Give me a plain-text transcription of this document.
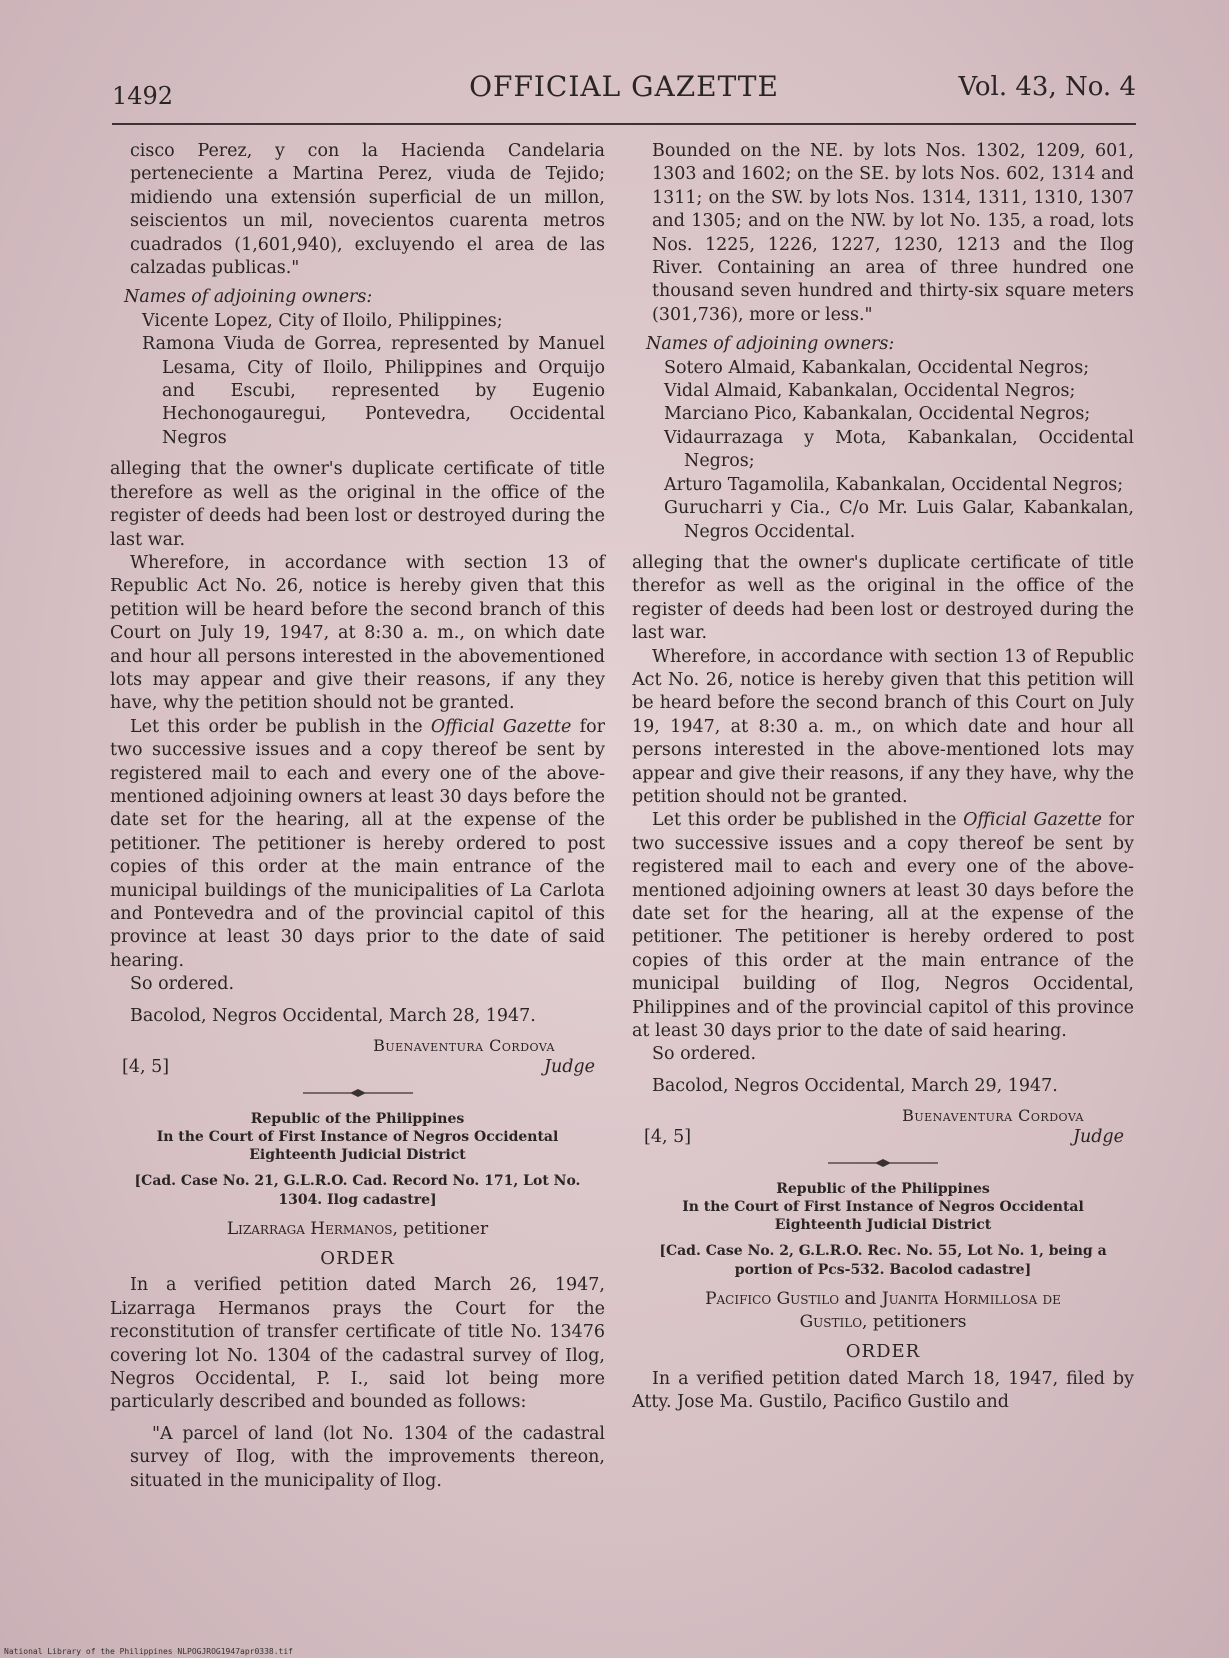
1492	OFFICIAL GAZETTE	Vol. 43, No. 4

cisco Perez, y con la Hacienda Candelaria perteneciente a Martina Perez, viuda de Tejido; midiendo una extensión superficial de un millon, seiscientos un mil, novecientos cuarenta metros cuadrados (1,601,940), excluyendo el area de las calzadas publicas."

Names of adjoining owners:

Vicente Lopez, City of Iloilo, Philippines;

Ramona Viuda de Gorrea, represented by Manuel Lesama, City of Iloilo, Philippines and Orquijo and Escubi, represented by Eugenio Hechonogauregui, Pontevedra, Occidental Negros

alleging that the owner's duplicate certificate of title therefore as well as the original in the office of the register of deeds had been lost or destroyed during the last war.

Wherefore, in accordance with section 13 of Republic Act No. 26, notice is hereby given that this petition will be heard before the second branch of this Court on July 19, 1947, at 8:30 a. m., on which date and hour all persons interested in the abovementioned lots may appear and give their reasons, if any they have, why the petition should not be granted.

Let this order be publish in the Official Gazette for two successive issues and a copy thereof be sent by registered mail to each and every one of the above-mentioned adjoining owners at least 30 days before the date set for the hearing, all at the expense of the petitioner. The petitioner is hereby ordered to post copies of this order at the main entrance of the municipal buildings of the municipalities of La Carlota and Pontevedra and of the provincial capitol of this province at least 30 days prior to the date of said hearing.

So ordered.

Bacolod, Negros Occidental, March 28, 1947.

Buenaventura Cordova
[4, 5]	Judge
Republic of the Philippines
In the Court of First Instance of Negros Occidental
Eighteenth Judicial District
[Cad. Case No. 21, G.L.R.O. Cad. Record No. 171, Lot No. 1304. Ilog cadastre]
Lizarraga Hermanos, petitioner
ORDER

In a verified petition dated March 26, 1947, Lizarraga Hermanos prays the Court for the reconstitution of transfer certificate of title No. 13476 covering lot No. 1304 of the cadastral survey of Ilog, Negros Occidental, P. I., said lot being more particularly described and bounded as follows:

"A parcel of land (lot No. 1304 of the cadastral survey of Ilog, with the improvements thereon, situated in the municipality of Ilog.

Bounded on the NE. by lots Nos. 1302, 1209, 601, 1303 and 1602; on the SE. by lots Nos. 602, 1314 and 1311; on the SW. by lots Nos. 1314, 1311, 1310, 1307 and 1305; and on the NW. by lot No. 135, a road, lots Nos. 1225, 1226, 1227, 1230, 1213 and the Ilog River. Containing an area of three hundred one thousand seven hundred and thirty-six square meters (301,736), more or less."

Names of adjoining owners:

Sotero Almaid, Kabankalan, Occidental Negros;

Vidal Almaid, Kabankalan, Occidental Negros;

Marciano Pico, Kabankalan, Occidental Negros;

Vidaurrazaga y Mota, Kabankalan, Occidental Negros;

Arturo Tagamolila, Kabankalan, Occidental Negros;

Gurucharri y Cia., C/o Mr. Luis Galar, Kabankalan, Negros Occidental.

alleging that the owner's duplicate certificate of title therefor as well as the original in the office of the register of deeds had been lost or destroyed during the last war.

Wherefore, in accordance with section 13 of Republic Act No. 26, notice is hereby given that this petition will be heard before the second branch of this Court on July 19, 1947, at 8:30 a. m., on which date and hour all persons interested in the above-mentioned lots may appear and give their reasons, if any they have, why the petition should not be granted.

Let this order be published in the Official Gazette for two successive issues and a copy thereof be sent by registered mail to each and every one of the above-mentioned adjoining owners at least 30 days before the date set for the hearing, all at the expense of the petitioner. The petitioner is hereby ordered to post copies of this order at the main entrance of the municipal building of Ilog, Negros Occidental, Philippines and of the provincial capitol of this province at least 30 days prior to the date of said hearing.

So ordered.

Bacolod, Negros Occidental, March 29, 1947.

Buenaventura Cordova
[4, 5]	Judge
Republic of the Philippines
In the Court of First Instance of Negros Occidental
Eighteenth Judicial District
[Cad. Case No. 2, G.L.R.O. Rec. No. 55, Lot No. 1, being a portion of Pcs-532. Bacolod cadastre]
Pacifico Gustilo and Juanita Hormillosa de
Gustilo, petitioners
ORDER

In a verified petition dated March 18, 1947, filed by Atty. Jose Ma. Gustilo, Pacifico Gustilo and

National Library of the Philippines NLPOGJROG1947apr0338.tif
